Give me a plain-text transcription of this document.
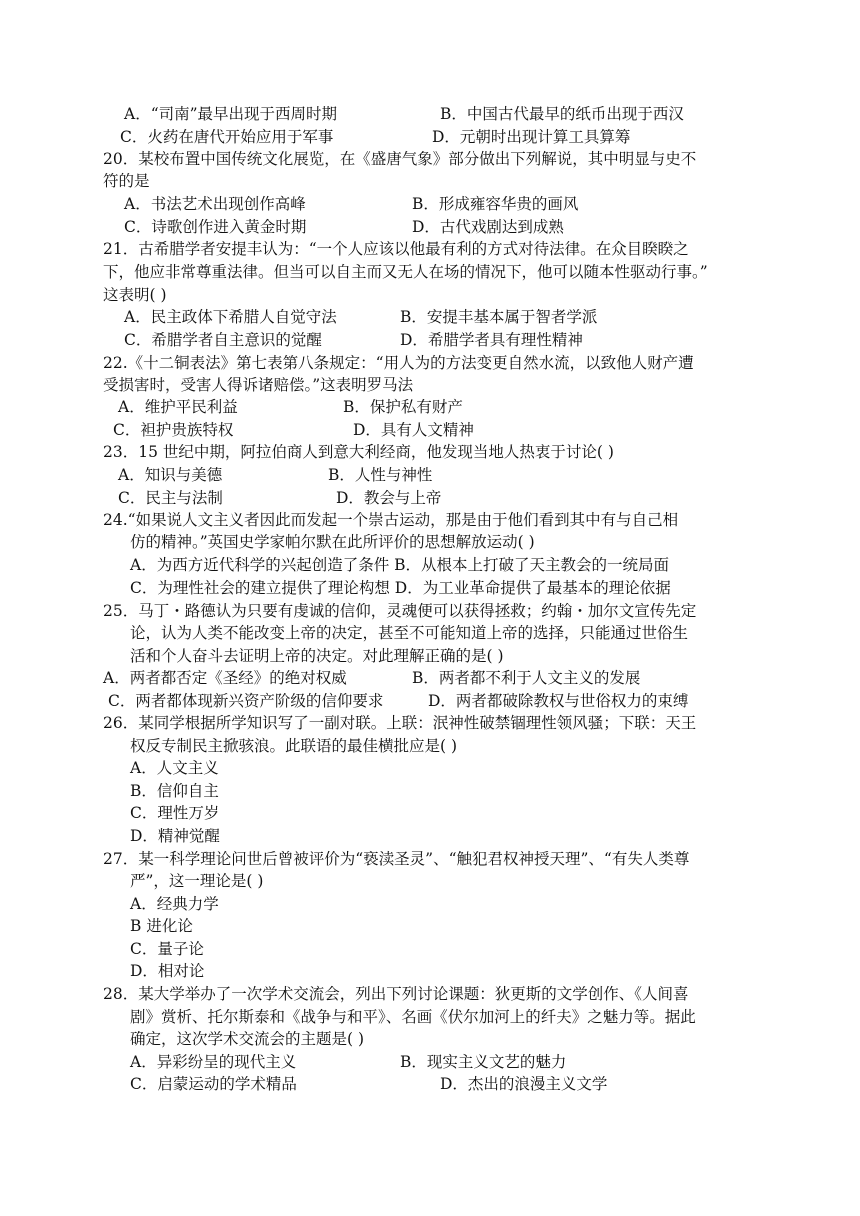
A．“司南”最早出现于西周时期	B．中国古代最早的纸币出现于西汉
C．火药在唐代开始应用于军事	D．元朝时出现计算工具算筹
20．某校布置中国传统文化展览，在《盛唐气象》部分做出下列解说，其中明显与史不
符的是
A．书法艺术出现创作高峰	B．形成雍容华贵的画风
C．诗歌创作进入黄金时期	D．古代戏剧达到成熟
21．古希腊学者安提丰认为：“一个人应该以他最有利的方式对待法律。在众目睽睽之
下，他应非常尊重法律。但当可以自主而又无人在场的情况下，他可以随本性驱动行事。”
这表明( )
A．民主政体下希腊人自觉守法	B．安提丰基本属于智者学派
C．希腊学者自主意识的觉醒	D．希腊学者具有理性精神
22.《十二铜表法》第七表第八条规定：“用人为的方法变更自然水流，以致他人财产遭
受损害时，受害人得诉诸赔偿。”这表明罗马法
A．维护平民利益	B．保护私有财产
C．袒护贵族特权	D．具有人文精神
23．15 世纪中期，阿拉伯商人到意大利经商，他发现当地人热衷于讨论( )
A．知识与美德	B．人性与神性
C．民主与法制	D．教会与上帝
24.“如果说人文主义者因此而发起一个崇古运动，那是由于他们看到其中有与自己相
仿的精神。”英国史学家帕尔默在此所评价的思想解放运动( )
A．为西方近代科学的兴起创造了条件 B．从根本上打破了天主教会的一统局面
C．为理性社会的建立提供了理论构想 D．为工业革命提供了最基本的理论依据
25．马丁・路德认为只要有虔诚的信仰，灵魂便可以获得拯救；约翰・加尔文宣传先定
论，认为人类不能改变上帝的决定，甚至不可能知道上帝的选择，只能通过世俗生
活和个人奋斗去证明上帝的决定。对此理解正确的是( )
A．两者都否定《圣经》的绝对权威	B．两者都不利于人文主义的发展
C．两者都体现新兴资产阶级的信仰要求	D．两者都破除教权与世俗权力的束缚
26．某同学根据所学知识写了一副对联。上联：泯神性破禁锢理性领风骚；下联：天王
权反专制民主掀骇浪。此联语的最佳横批应是( )
A．人文主义
B．信仰自主
C．理性万岁
D．精神觉醒
27．某一科学理论问世后曾被评价为“亵渎圣灵”、“触犯君权神授天理”、“有失人类尊
严”，这一理论是( )
A．经典力学
B 进化论
C．量子论
D．相对论
28．某大学举办了一次学术交流会，列出下列讨论课题：狄更斯的文学创作、《人间喜
剧》赏析、托尔斯泰和《战争与和平》、名画《伏尔加河上的纤夫》之魅力等。据此
确定，这次学术交流会的主题是( )
A．异彩纷呈的现代主义	B．现实主义文艺的魅力
C．启蒙运动的学术精品	D．杰出的浪漫主义文学
